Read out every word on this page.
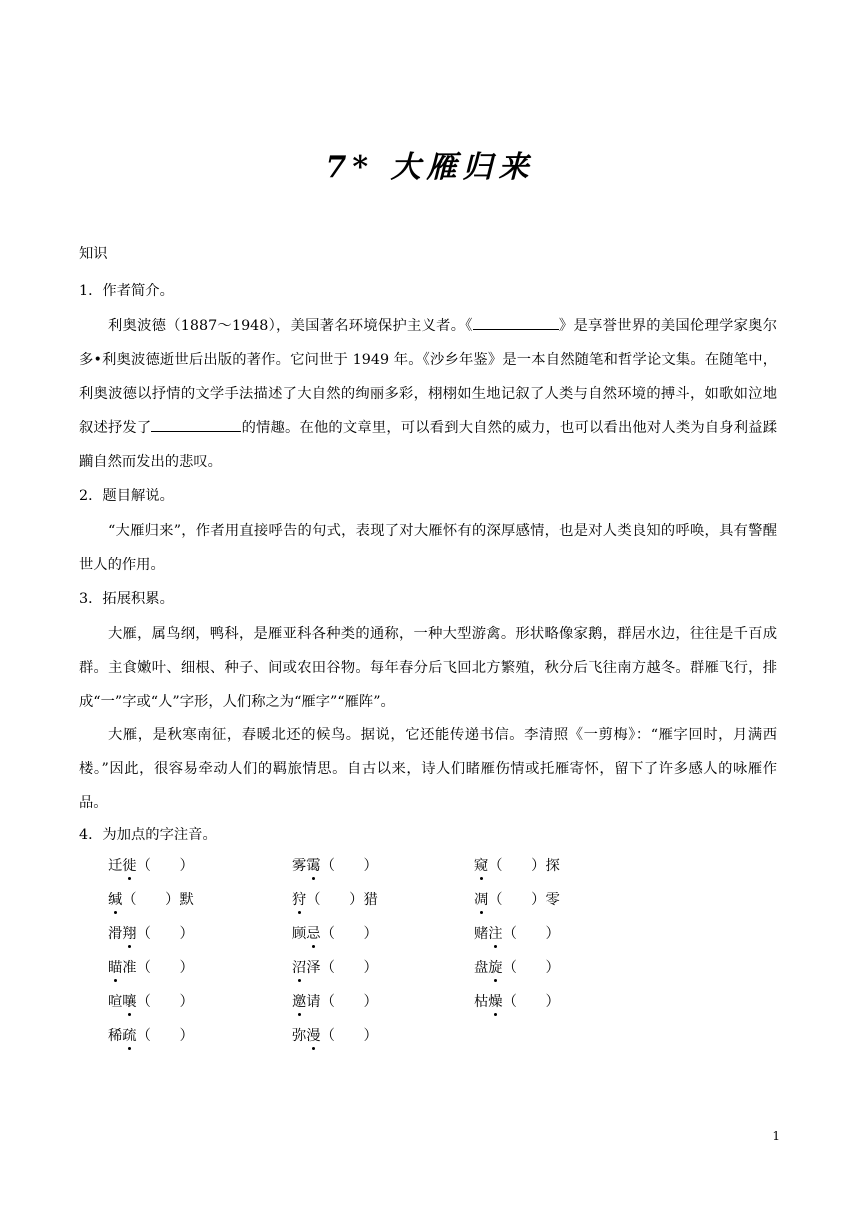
7* 大雁归来
知识
1．作者简介。
利奥波德（1887～1948），美国著名环境保护主义者。《	》是享誉世界的美国伦理学家奥尔多•利奥波德逝世后出版的著作。它问世于 1949 年。《沙乡年鉴》是一本自然随笔和哲学论文集。在随笔中，利奥波德以抒情的文学手法描述了大自然的绚丽多彩，栩栩如生地记叙了人类与自然环境的搏斗，如歌如泣地叙述抒发了	的情趣。在他的文章里，可以看到大自然的威力，也可以看出他对人类为自身利益蹂躏自然而发出的悲叹。
2．题目解说。
“大雁归来”，作者用直接呼告的句式，表现了对大雁怀有的深厚感情，也是对人类良知的呼唤，具有警醒世人的作用。
3．拓展积累。
大雁，属鸟纲，鸭科，是雁亚科各种类的通称，一种大型游禽。形状略像家鹅，群居水边，往往是千百成群。主食嫩叶、细根、种子、间或农田谷物。每年春分后飞回北方繁殖，秋分后飞往南方越冬。群雁飞行，排成“一”字或“人”字形，人们称之为“雁字”“雁阵”。
大雁，是秋寒南征，春暖北还的候鸟。据说，它还能传递书信。李清照《一剪梅》：“雁字回时，月满西楼。”因此，很容易牵动人们的羁旅情思。自古以来，诗人们睹雁伤情或托雁寄怀，留下了许多感人的咏雁作品。
4．为加点的字注音。
迁徙（　　）	雾霭（　　）	窥（　　）探
缄（　　）默	狩（　　）猎	凋（　　）零
滑翔（　　）	顾忌（　　）	赌注（　　）
瞄准（　　）	沼泽（　　）	盘旋（　　）
喧嚷（　　）	邀请（　　）	枯燥（　　）
稀疏（　　）	弥漫（　　）
1
